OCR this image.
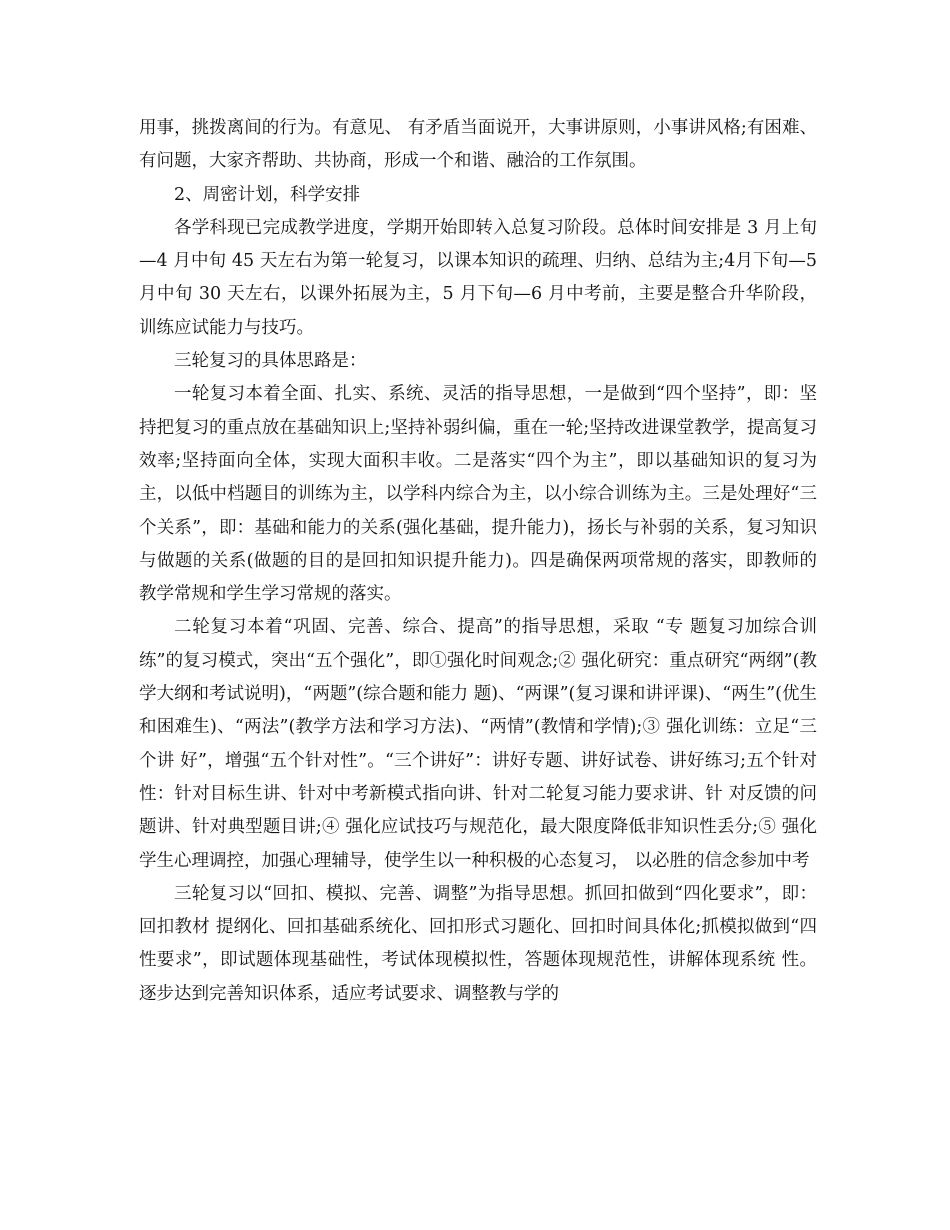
用事，挑拨离间的行为。有意见、 有矛盾当面说开，大事讲原则，小事讲风格;有困难、有问题，大家齐帮助、共协商，形成一个和谐、融洽的工作氛围。

2、周密计划，科学安排

各学科现已完成教学进度，学期开始即转入总复习阶段。总体时间安排是 3 月上旬—4 月中旬 45 天左右为第一轮复习，以课本知识的疏理、归纳、总结为主;4月下旬—5 月中旬 30 天左右，以课外拓展为主，5 月下旬—6 月中考前，主要是整合升华阶段，训练应试能力与技巧。

三轮复习的具体思路是：

一轮复习本着全面、扎实、系统、灵活的指导思想，一是做到“四个坚持”，即：坚持把复习的重点放在基础知识上;坚持补弱纠偏，重在一轮;坚持改进课堂教学，提高复习效率;坚持面向全体，实现大面积丰收。二是落实“四个为主”，即以基础知识的复习为主，以低中档题目的训练为主，以学科内综合为主，以小综合训练为主。三是处理好“三个关系”，即：基础和能力的关系(强化基础，提升能力)，扬长与补弱的关系，复习知识与做题的关系(做题的目的是回扣知识提升能力)。四是确保两项常规的落实，即教师的教学常规和学生学习常规的落实。

二轮复习本着“巩固、完善、综合、提高”的指导思想，采取 “专 题复习加综合训练”的复习模式，突出“五个强化”，即①强化时间观念;② 强化研究：重点研究“两纲”(教学大纲和考试说明)，“两题”(综合题和能力 题)、“两课”(复习课和讲评课)、“两生”(优生和困难生)、“两法”(教学方法和学习方法)、“两情”(教情和学情);③ 强化训练：立足“三个讲 好”，增强“五个针对性”。“三个讲好”：讲好专题、讲好试卷、讲好练习;五个针对性：针对目标生讲、针对中考新模式指向讲、针对二轮复习能力要求讲、针 对反馈的问题讲、针对典型题目讲;④ 强化应试技巧与规范化，最大限度降低非知识性丢分;⑤ 强化学生心理调控，加强心理辅导，使学生以一种积极的心态复习， 以必胜的信念参加中考

三轮复习以“回扣、模拟、完善、调整”为指导思想。抓回扣做到“四化要求”，即：回扣教材 提纲化、回扣基础系统化、回扣形式习题化、回扣时间具体化;抓模拟做到“四性要求”，即试题体现基础性，考试体现模拟性，答题体现规范性，讲解体现系统 性。逐步达到完善知识体系，适应考试要求、调整教与学的
